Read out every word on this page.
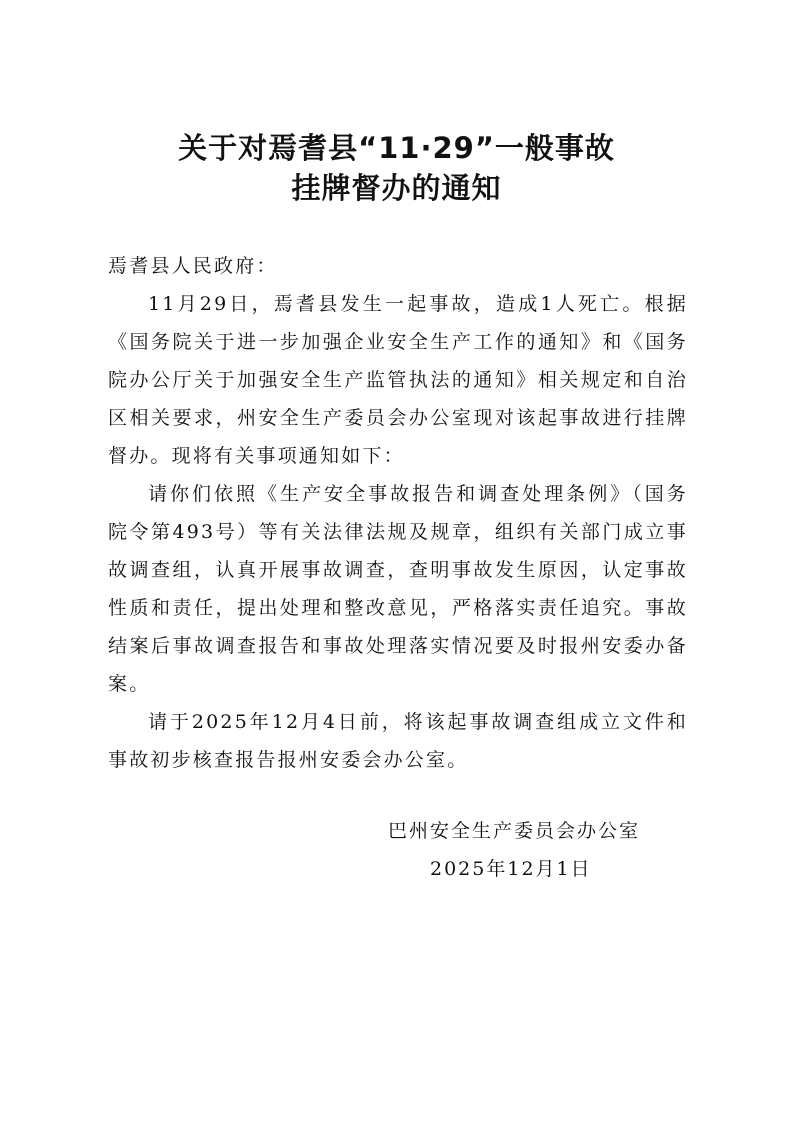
关于对焉耆县“11·29”一般事故
挂牌督办的通知

焉耆县人民政府：

11月29日，焉耆县发生一起事故，造成1人死亡。根据《国务院关于进一步加强企业安全生产工作的通知》和《国务院办公厅关于加强安全生产监管执法的通知》相关规定和自治区相关要求，州安全生产委员会办公室现对该起事故进行挂牌督办。现将有关事项通知如下：

请你们依照《生产安全事故报告和调查处理条例》（国务院令第493号）等有关法律法规及规章，组织有关部门成立事故调查组，认真开展事故调查，查明事故发生原因，认定事故性质和责任，提出处理和整改意见，严格落实责任追究。事故结案后事故调查报告和事故处理落实情况要及时报州安委办备案。

请于2025年12月4日前，将该起事故调查组成立文件和事故初步核查报告报州安委会办公室。

巴州安全生产委员会办公室

2025年12月1日
